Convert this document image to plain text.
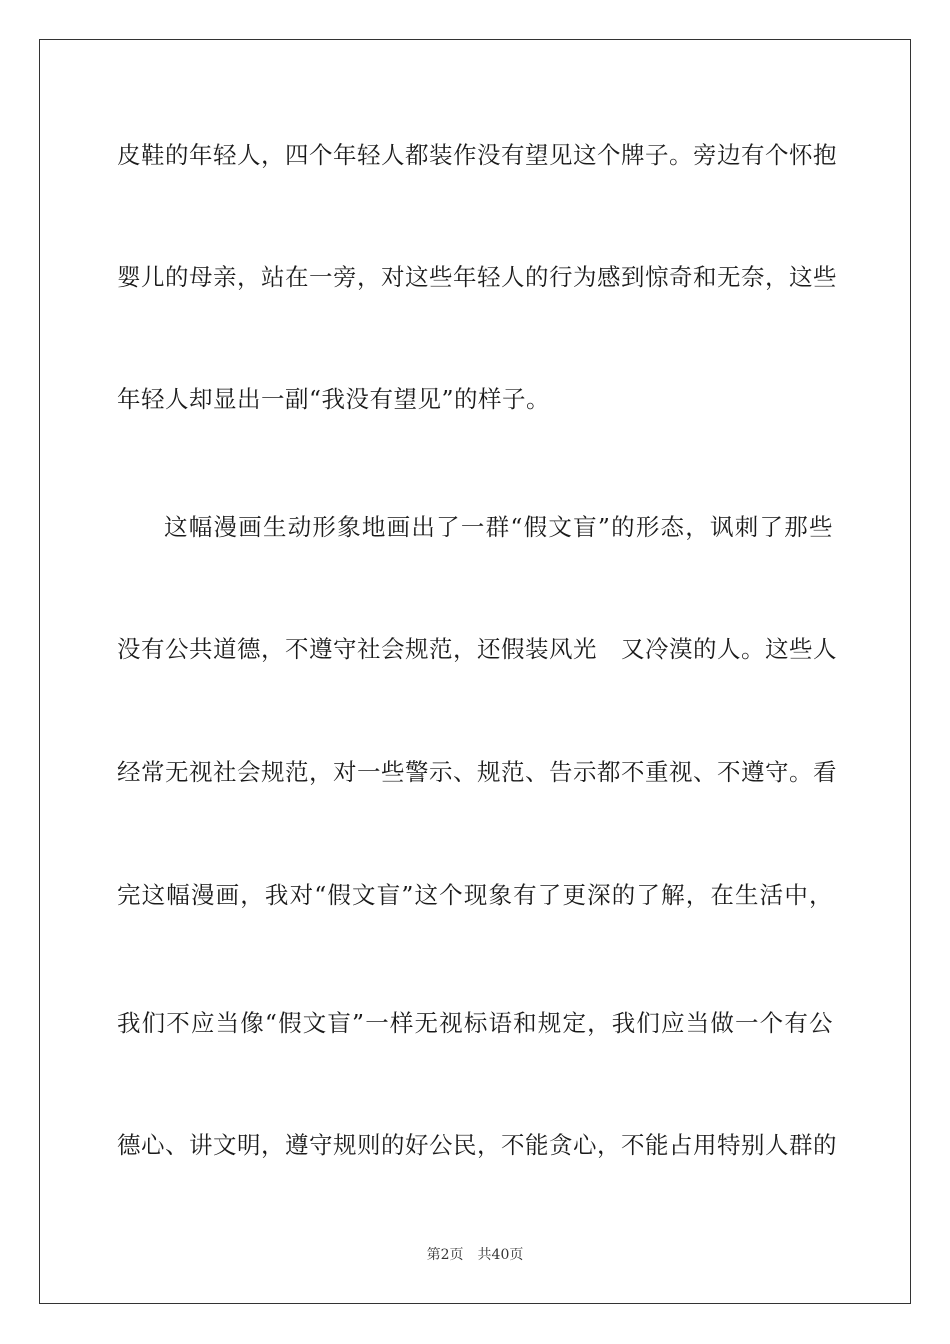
皮鞋的年轻人，四个年轻人都装作没有望见这个牌子。旁边有个怀抱
婴儿的母亲，站在一旁，对这些年轻人的行为感到惊奇和无奈，这些
年轻人却显出一副“我没有望见”的样子。
这幅漫画生动形象地画出了一群“假文盲”的形态，讽刺了那些
没有公共道德，不遵守社会规范，还假装风光　又冷漠的人。这些人
经常无视社会规范，对一些警示、规范、告示都不重视、不遵守。看
完这幅漫画，我对“假文盲”这个现象有了更深的了解，在生活中，
我们不应当像“假文盲”一样无视标语和规定，我们应当做一个有公
德心、讲文明，遵守规则的好公民，不能贪心，不能占用特别人群的
第2页　共40页
